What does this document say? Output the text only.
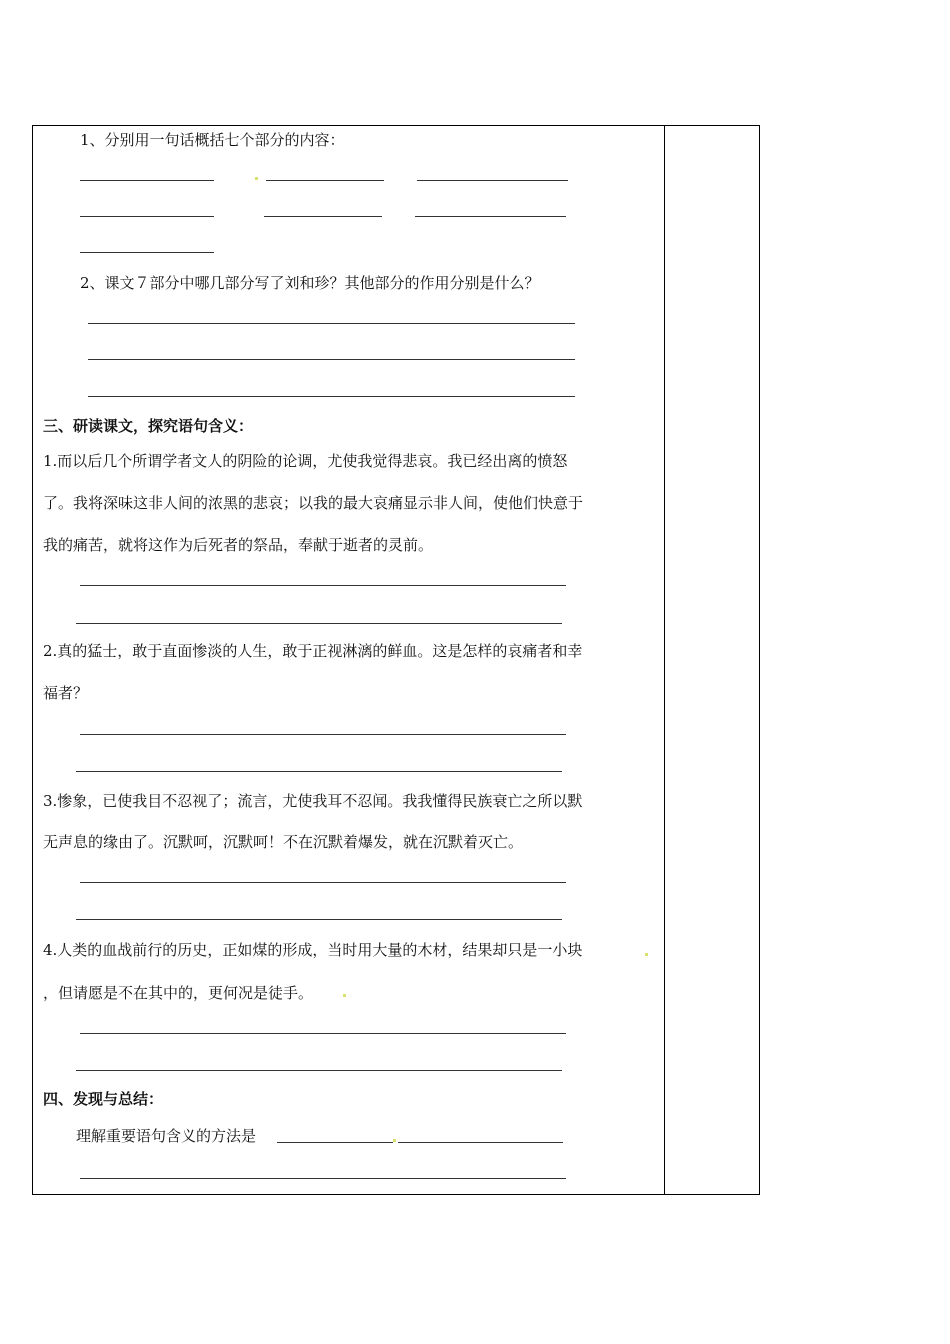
1、分别用一句话概括七个部分的内容：
2、课文７部分中哪几部分写了刘和珍？其他部分的作用分别是什么？
三、研读课文，探究语句含义：
1.而以后几个所谓学者文人的阴险的论调，尤使我觉得悲哀。我已经出离的愤怒
了。我将深味这非人间的浓黑的悲哀；以我的最大哀痛显示非人间，使他们快意于
我的痛苦，就将这作为后死者的祭品，奉献于逝者的灵前。
2.真的猛士，敢于直面惨淡的人生，敢于正视淋漓的鲜血。这是怎样的哀痛者和幸
福者？
3.惨象，已使我目不忍视了；流言，尤使我耳不忍闻。我我懂得民族衰亡之所以默
无声息的缘由了。沉默呵，沉默呵！不在沉默着爆发，就在沉默着灭亡。
4.人类的血战前行的历史，正如煤的形成，当时用大量的木材，结果却只是一小块
，但请愿是不在其中的，更何况是徒手。
四、发现与总结：
理解重要语句含义的方法是
